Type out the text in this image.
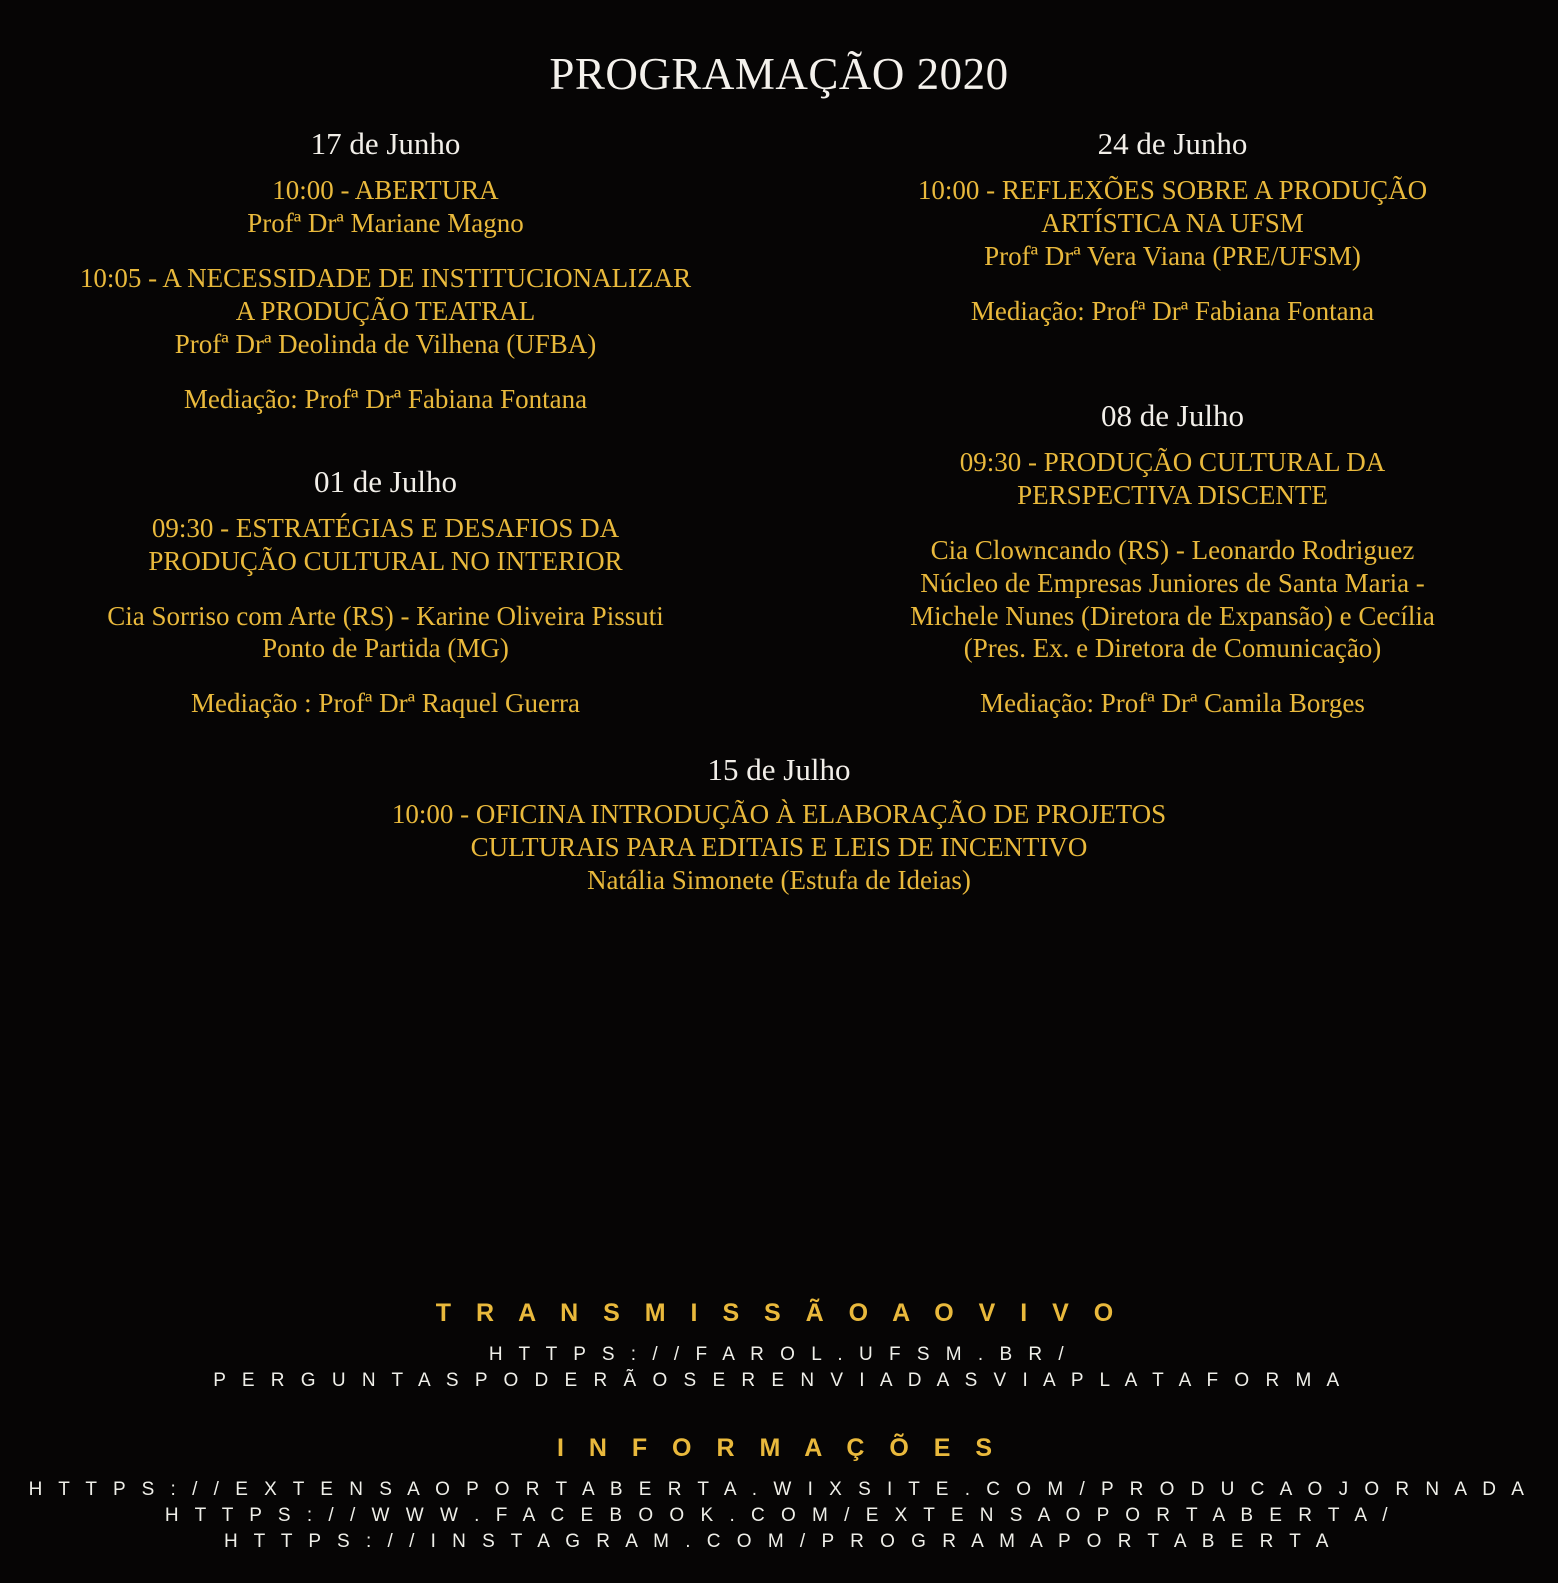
PROGRAMAÇÃO 2020
17 de Junho
10:00 - ABERTURA
Profª Drª Mariane Magno
10:05 - A NECESSIDADE DE INSTITUCIONALIZAR
A PRODUÇÃO TEATRAL
Profª Drª Deolinda de Vilhena (UFBA)
Mediação: Profª Drª Fabiana Fontana
01 de Julho
09:30 - ESTRATÉGIAS E DESAFIOS DA
PRODUÇÃO CULTURAL NO INTERIOR
Cia Sorriso com Arte (RS) - Karine Oliveira Pissuti
Ponto de Partida (MG)
Mediação : Profª Drª Raquel Guerra
24 de Junho
10:00 - REFLEXÕES SOBRE A PRODUÇÃO
ARTÍSTICA NA UFSM
Profª Drª Vera Viana (PRE/UFSM)
Mediação: Profª Drª Fabiana Fontana
08 de Julho
09:30 - PRODUÇÃO CULTURAL DA
PERSPECTIVA DISCENTE
Cia Clowncando (RS) - Leonardo Rodriguez
Núcleo de Empresas Juniores de Santa Maria -
Michele Nunes (Diretora de Expansão) e Cecília
(Pres. Ex. e Diretora de Comunicação)
Mediação: Profª Drª Camila Borges
15 de Julho
10:00 - OFICINA INTRODUÇÃO À ELABORAÇÃO DE PROJETOS
CULTURAIS PARA EDITAIS E LEIS DE INCENTIVO
Natália Simonete (Estufa de Ideias)
T R A N S M I S S Ã O A O V I V O
H T T P S : / / F A R O L . U F S M . B R /
P E R G U N T A S P O D E R Ã O S E R E N V I A D A S V I A P L A T A F O R M A
I N F O R M A Ç Õ E S
H T T P S : / / E X T E N S A O P O R T A B E R T A . W I X S I T E . C O M / P R O D U C A O J O R N A D A
H T T P S : / / W W W . F A C E B O O K . C O M / E X T E N S A O P O R T A B E R T A /
H T T P S : / / I N S T A G R A M . C O M / P R O G R A M A P O R T A B E R T A
